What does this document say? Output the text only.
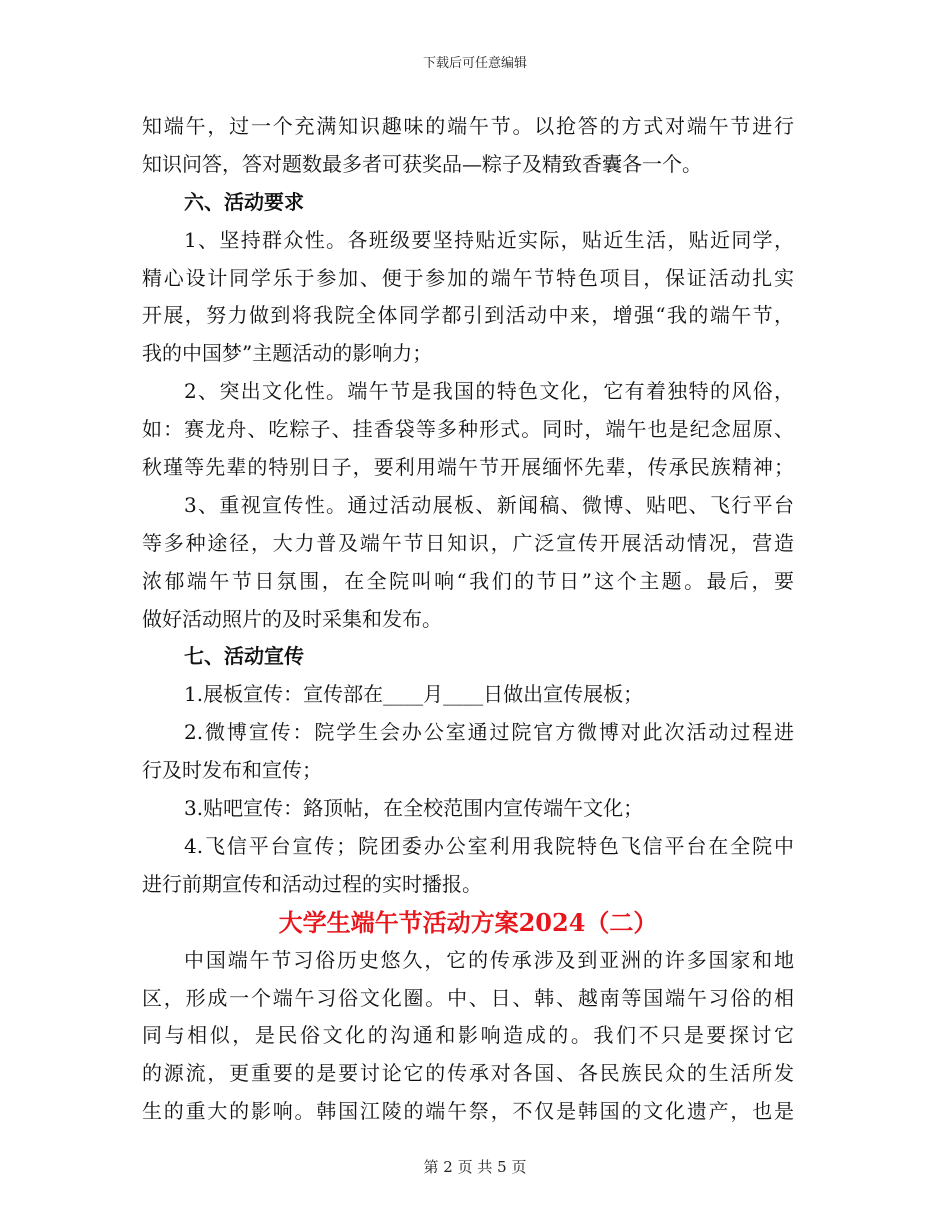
下载后可任意编辑
知端午，过一个充满知识趣味的端午节。以抢答的方式对端午节进行
知识问答，答对题数最多者可获奖品—粽子及精致香囊各一个。
六、活动要求
1、坚持群众性。各班级要坚持贴近实际，贴近生活，贴近同学，
精心设计同学乐于参加、便于参加的端午节特色项目，保证活动扎实
开展，努力做到将我院全体同学都引到活动中来，增强“我的端午节，
我的中国梦”主题活动的影响力；
2、突出文化性。端午节是我国的特色文化，它有着独特的风俗，
如：赛龙舟、吃粽子、挂香袋等多种形式。同时，端午也是纪念屈原、
秋瑾等先辈的特别日子，要利用端午节开展缅怀先辈，传承民族精神；
3、重视宣传性。通过活动展板、新闻稿、微博、贴吧、飞行平台
等多种途径，大力普及端午节日知识，广泛宣传开展活动情况，营造
浓郁端午节日氛围，在全院叫响“我们的节日”这个主题。最后，要
做好活动照片的及时采集和发布。
七、活动宣传
1.展板宣传：宣传部在____月____日做出宣传展板；
2.微博宣传：院学生会办公室通过院官方微博对此次活动过程进
行及时发布和宣传；
3.贴吧宣传：鉻顶帖，在全校范围内宣传端午文化；
4.飞信平台宣传；院团委办公室利用我院特色飞信平台在全院中
进行前期宣传和活动过程的实时播报。
大学生端午节活动方案2024（二）
中国端午节习俗历史悠久，它的传承涉及到亚洲的许多国家和地
区，形成一个端午习俗文化圈。中、日、韩、越南等国端午习俗的相
同与相似，是民俗文化的沟通和影响造成的。我们不只是要探讨它
的源流，更重要的是要讨论它的传承对各国、各民族民众的生活所发
生的重大的影响。韩国江陵的端午祭，不仅是韩国的文化遗产，也是
第 2 页 共 5 页
